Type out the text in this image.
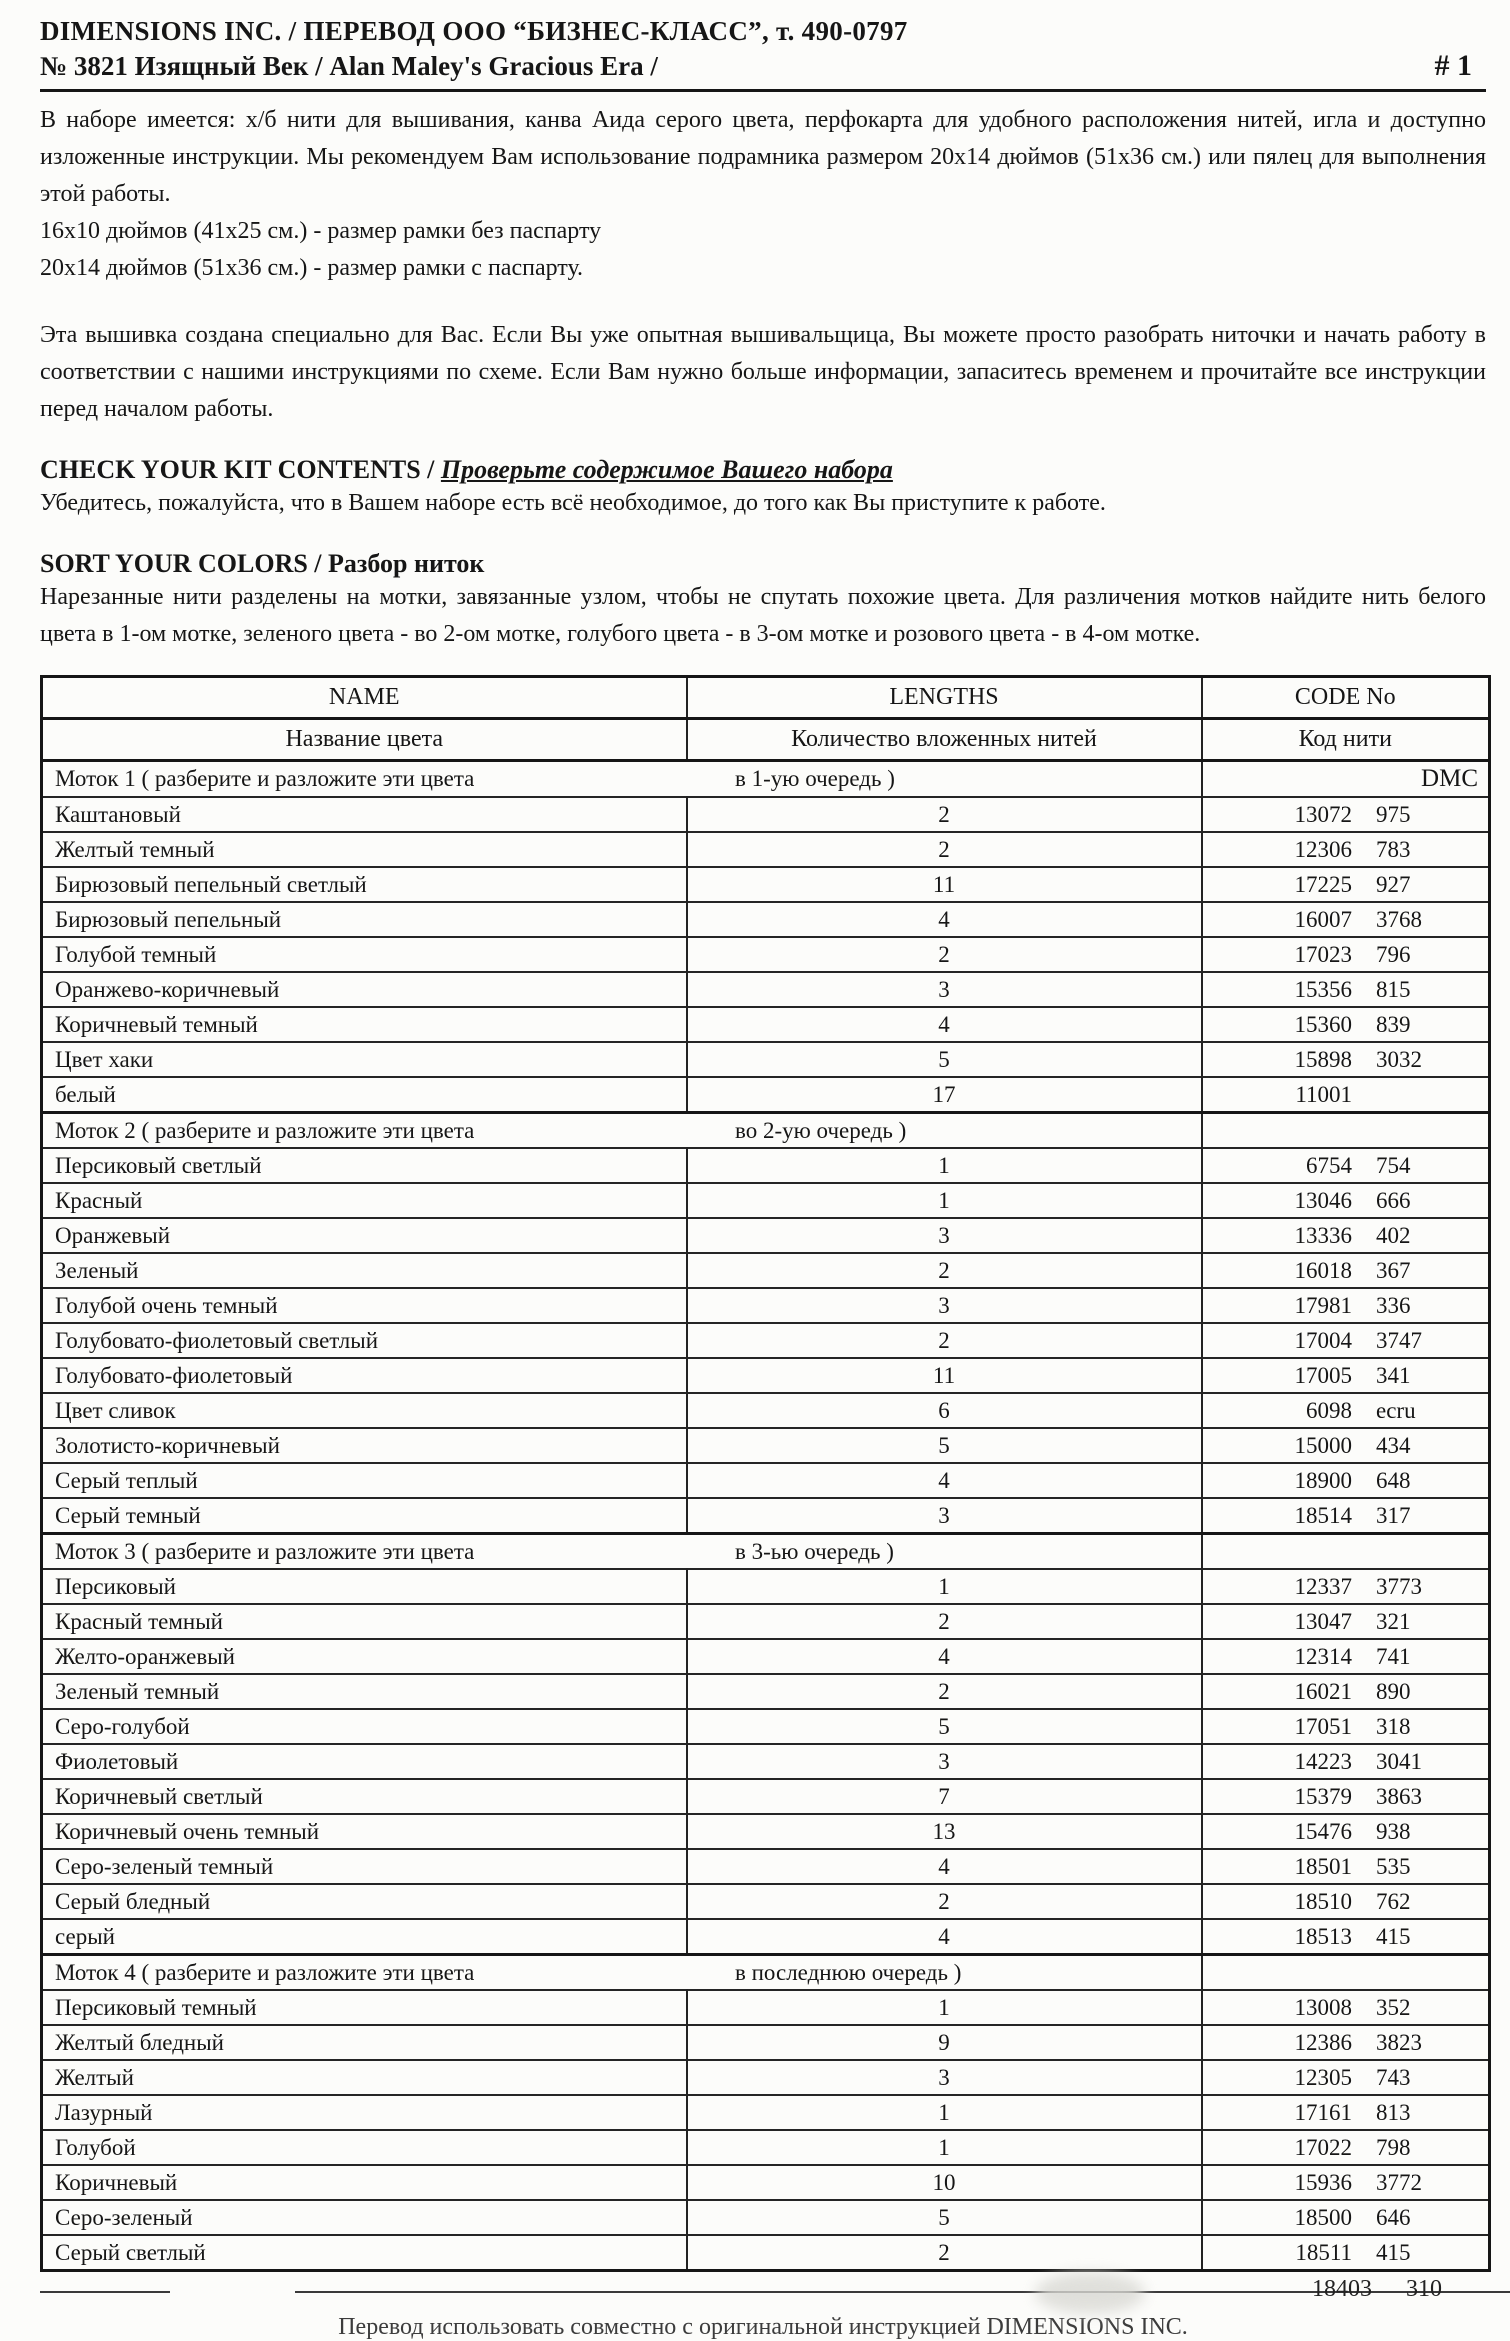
DIMENSIONS INC. / ПЕРЕВОД ООО “БИЗНЕС-КЛАСС”, т. 490-0797
№ 3821 Изящный Век / Alan Maley's Gracious Era /	# 1

В наборе имеется: х/б нити для вышивания, канва Аида серого цвета, перфокарта для удобного расположения нитей, игла и доступно изложенные инструкции. Мы рекомендуем Вам использование подрамника размером 20х14 дюймов (51х36 см.) или пялец для выполнения этой работы.

16х10 дюймов (41х25 см.) - размер рамки без паспарту
20х14 дюймов (51х36 см.) - размер рамки с паспарту.

Эта вышивка создана специально для Вас. Если Вы уже опытная вышивальщица, Вы можете просто разобрать ниточки и начать работу в соответствии с нашими инструкциями по схеме. Если Вам нужно больше информации, запаситесь временем и прочитайте все инструкции перед началом работы.

CHECK YOUR KIT CONTENTS / Проверьте содержимое Вашего набора

Убедитесь, пожалуйста, что в Вашем наборе есть всё необходимое, до того как Вы приступите к работе.

SORT YOUR COLORS / Разбор ниток

Нарезанные нити разделены на мотки, завязанные узлом, чтобы не спутать похожие цвета. Для различения мотков найдите нить белого цвета в 1-ом мотке, зеленого цвета - во 2-ом мотке, голубого цвета - в 3-ом мотке и розового цвета - в 4-ом мотке.

NAME	LENGTHS	CODE No
Название цвета	Количество вложенных нитей	Код нити
Моток 1 ( разберите и разложите эти цвета в 1-ую очередь )		DMC
Каштановый	2	13072 975

Желтый темный	2	12306 783

Бирюзовый пепельный светлый	11	17225 927

Бирюзовый пепельный	4	16007 3768

Голубой темный	2	17023 796

Оранжево-коричневый	3	15356 815

Коричневый темный	4	15360 839

Цвет хаки	5	15898 3032

белый	17	11001

Моток 2 ( разберите и разложите эти цвета во 2-ую очередь )		

Персиковый светлый	1	6754 754

Красный	1	13046 666

Оранжевый	3	13336 402

Зеленый	2	16018 367

Голубой очень темный	3	17981 336

Голубовато-фиолетовый светлый	2	17004 3747

Голубовато-фиолетовый	11	17005 341

Цвет сливок	6	6098 ecru

Золотисто-коричневый	5	15000 434

Серый теплый	4	18900 648

Серый темный	3	18514 317

Моток 3 ( разберите и разложите эти цвета в 3-ью очередь )		

Персиковый	1	12337 3773

Красный темный	2	13047 321

Желто-оранжевый	4	12314 741

Зеленый темный	2	16021 890

Серо-голубой	5	17051 318

Фиолетовый	3	14223 3041

Коричневый светлый	7	15379 3863

Коричневый очень темный	13	15476 938

Серо-зеленый темный	4	18501 535

Серый бледный	2	18510 762

серый	4	18513 415

Моток 4 ( разберите и разложите эти цвета в последнюю очередь )		

Персиковый темный	1	13008 352

Желтый бледный	9	12386 3823

Желтый	3	12305 743

Лазурный	1	17161 813

Голубой	1	17022 798

Коричневый	10	15936 3772

Серо-зеленый	5	18500 646

Серый светлый	2	18511 415
18403 310
Перевод использовать совместно с оригинальной инструкцией DIMENSIONS INC.
